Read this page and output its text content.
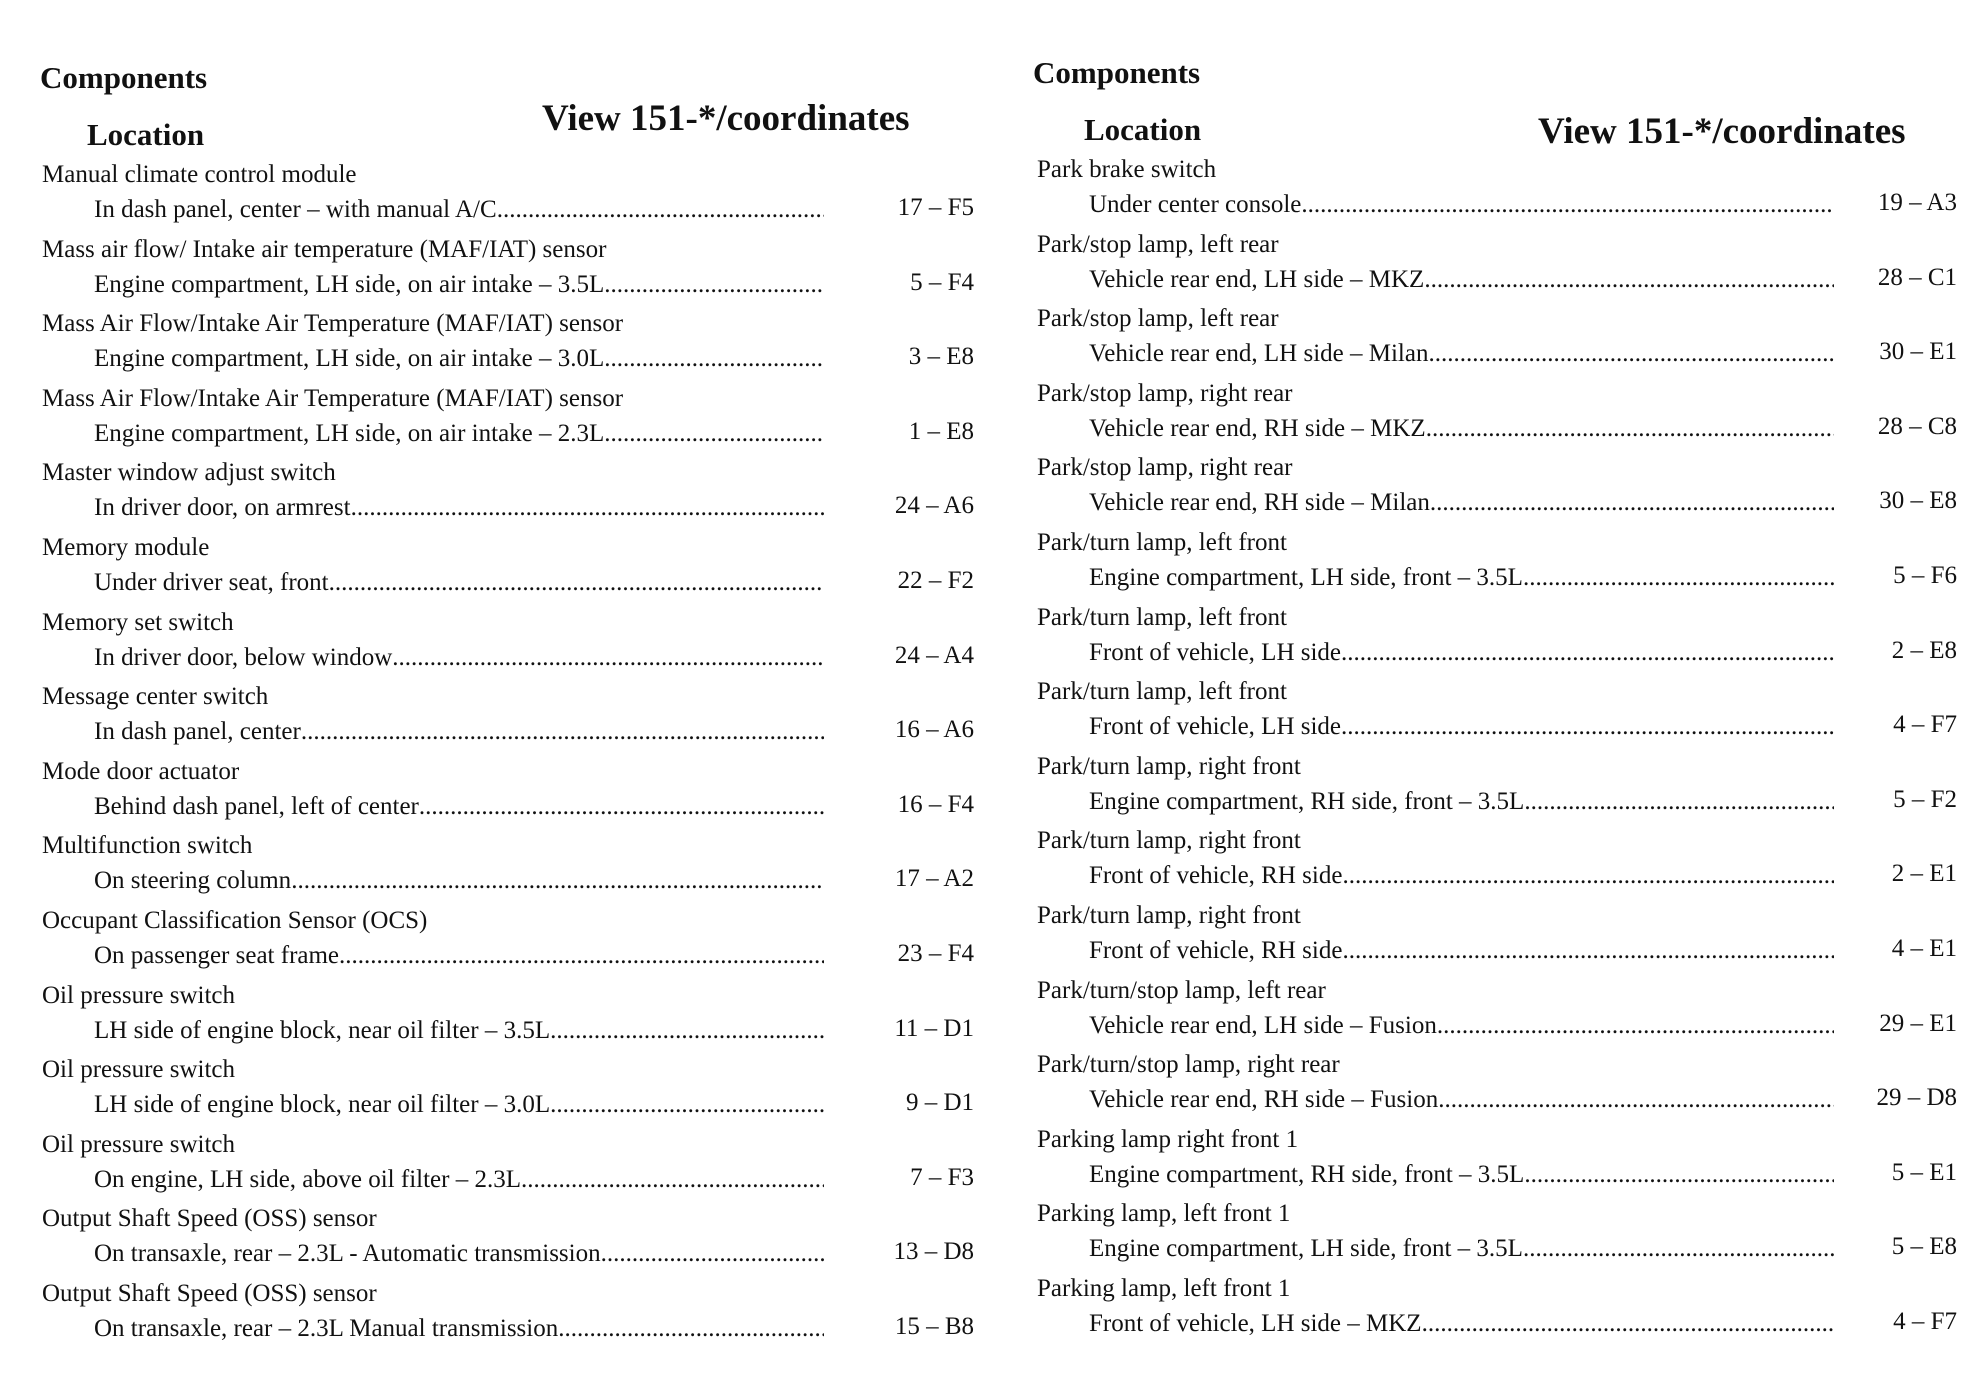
Components
Location	View 151-*/coordinates
Manual climate control module
In dash panel, center – with manual A/C .....	17 – F5
Mass air flow/ Intake air temperature (MAF/IAT) sensor
Engine compartment, LH side, on air intake – 3.5L .....	5 – F4
Mass Air Flow/Intake Air Temperature (MAF/IAT) sensor
Engine compartment, LH side, on air intake – 3.0L .....	3 – E8
Mass Air Flow/Intake Air Temperature (MAF/IAT) sensor
Engine compartment, LH side, on air intake – 2.3L .....	1 – E8
Master window adjust switch
In driver door, on armrest .....	24 – A6
Memory module
Under driver seat, front .....	22 – F2
Memory set switch
In driver door, below window .....	24 – A4
Message center switch
In dash panel, center .....	16 – A6
Mode door actuator
Behind dash panel, left of center .....	16 – F4
Multifunction switch
On steering column .....	17 – A2
Occupant Classification Sensor (OCS)
On passenger seat frame .....	23 – F4
Oil pressure switch
LH side of engine block, near oil filter – 3.5L .....	11 – D1
Oil pressure switch
LH side of engine block, near oil filter – 3.0L .....	9 – D1
Oil pressure switch
On engine, LH side, above oil filter – 2.3L .....	7 – F3
Output Shaft Speed (OSS) sensor
On transaxle, rear – 2.3L - Automatic transmission .....	13 – D8
Output Shaft Speed (OSS) sensor
On transaxle, rear – 2.3L Manual transmission .....	15 – B8
Components
Location	View 151-*/coordinates
Park brake switch
Under center console .....	19 – A3
Park/stop lamp, left rear
Vehicle rear end, LH side – MKZ .....	28 – C1
Park/stop lamp, left rear
Vehicle rear end, LH side – Milan .....	30 – E1
Park/stop lamp, right rear
Vehicle rear end, RH side – MKZ .....	28 – C8
Park/stop lamp, right rear
Vehicle rear end, RH side – Milan .....	30 – E8
Park/turn lamp, left front
Engine compartment, LH side, front – 3.5L .....	5 – F6
Park/turn lamp, left front
Front of vehicle, LH side .....	2 – E8
Park/turn lamp, left front
Front of vehicle, LH side .....	4 – F7
Park/turn lamp, right front
Engine compartment, RH side, front – 3.5L .....	5 – F2
Park/turn lamp, right front
Front of vehicle, RH side .....	2 – E1
Park/turn lamp, right front
Front of vehicle, RH side .....	4 – E1
Park/turn/stop lamp, left rear
Vehicle rear end, LH side – Fusion .....	29 – E1
Park/turn/stop lamp, right rear
Vehicle rear end, RH side – Fusion .....	29 – D8
Parking lamp right front 1
Engine compartment, RH side, front – 3.5L .....	5 – E1
Parking lamp, left front 1
Engine compartment, LH side, front – 3.5L .....	5 – E8
Parking lamp, left front 1
Front of vehicle, LH side – MKZ .....	4 – F7
